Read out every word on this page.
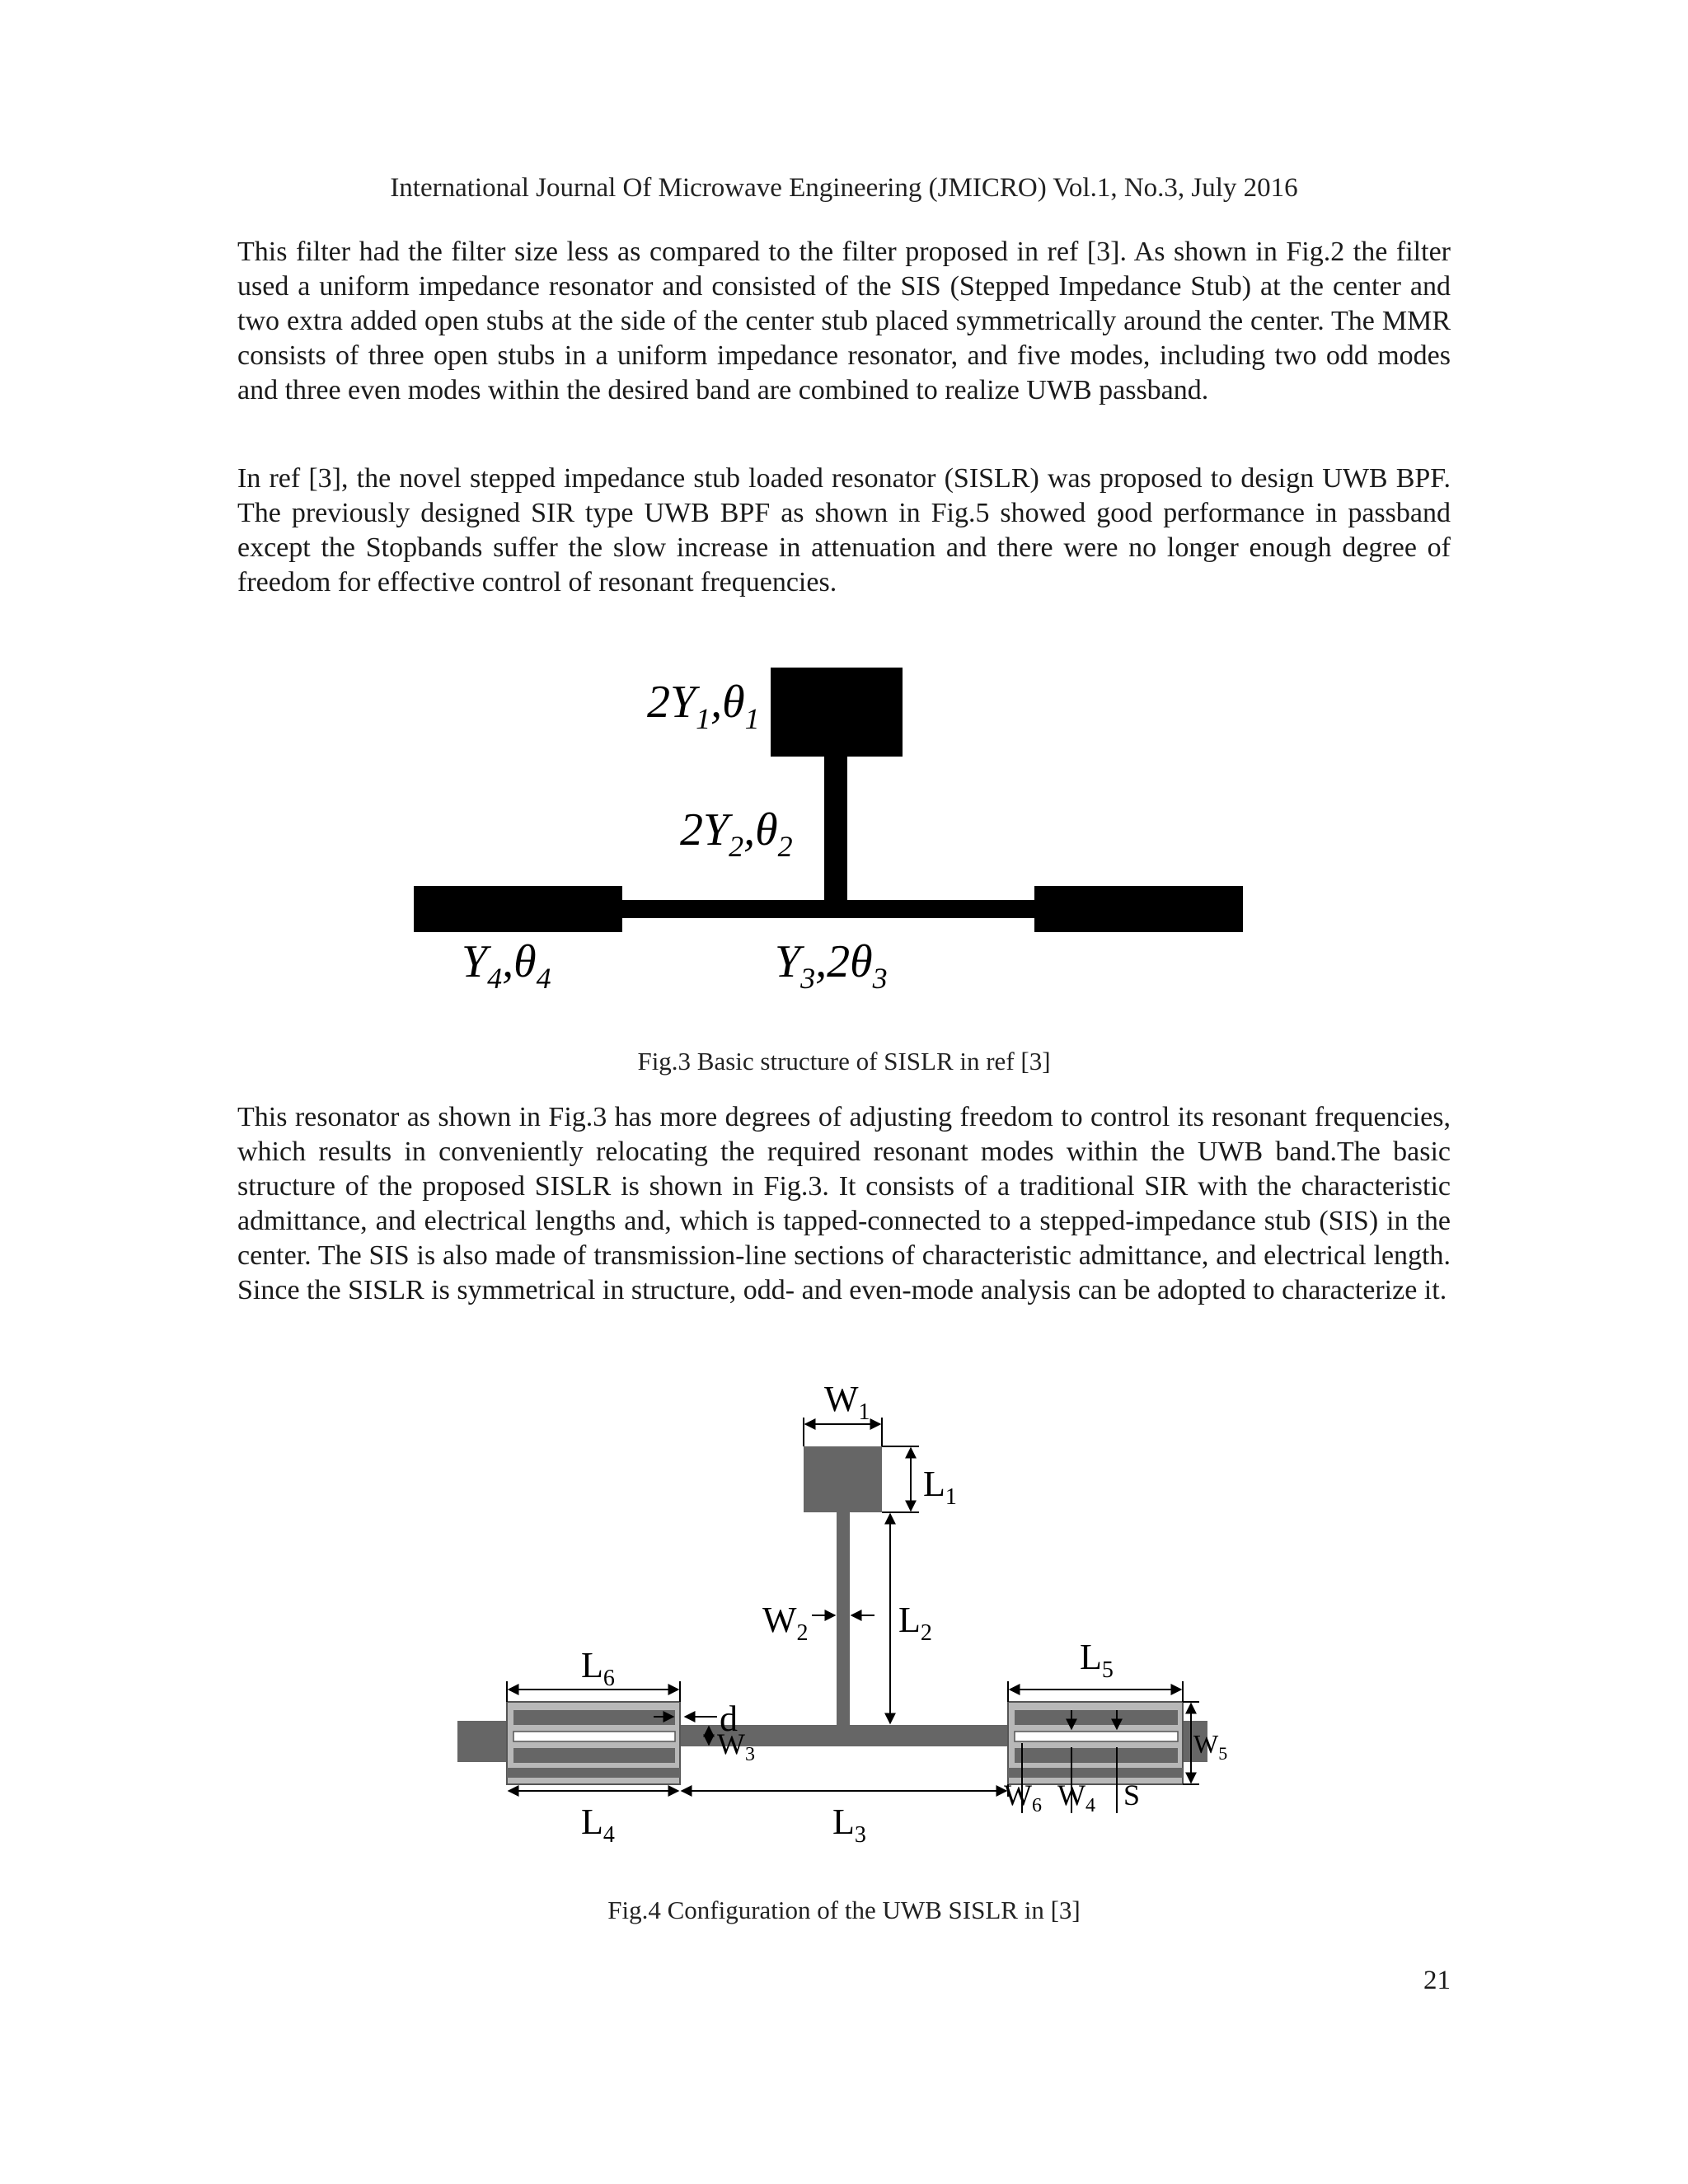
International Journal Of Microwave Engineering (JMICRO) Vol.1, No.3, July 2016

This filter had the filter size less as compared to the filter proposed in ref [3]. As shown in Fig.2 the filter used a uniform impedance resonator and consisted of the SIS (Stepped Impedance Stub) at the center and two extra added open stubs at the side of the center stub placed symmetrically around the center. The MMR consists of three open stubs in a uniform impedance resonator, and five modes, including two odd modes and three even modes within the desired band are combined to realize UWB passband.

In ref [3], the novel stepped impedance stub loaded resonator (SISLR) was proposed to design UWB BPF. The previously designed SIR type UWB BPF as shown in Fig.5 showed good performance in passband except the Stopbands suffer the slow increase in attenuation and there were no longer enough degree of freedom for effective control of resonant frequencies.

$2Y_1,\theta_1$
$2Y_2,\theta_2$
$Y_4,\theta_4$	$Y_3,2\theta_3$
Fig.3 Basic structure of SISLR in ref [3]

This resonator as shown in Fig.3 has more degrees of adjusting freedom to control its resonant frequencies, which results in conveniently relocating the required resonant modes within the UWB band.The basic structure of the proposed SISLR is shown in Fig.3. It consists of a traditional SIR with the characteristic admittance, and electrical lengths and, which is tapped-connected to a stepped-impedance stub (SIS) in the center. The SIS is also made of transmission-line sections of characteristic admittance, and electrical length. Since the SISLR is symmetrical in structure, odd- and even-mode analysis can be adopted to characterize it.

$W_1$
$L_1$
$W_2$ $L_2$
$L_6$
$L_5$
d
$W_3$	$W_5$
$L_4$	$L_3$
$W_6$ $W_4$ S
Fig.4 Configuration of the UWB SISLR in [3]
21
